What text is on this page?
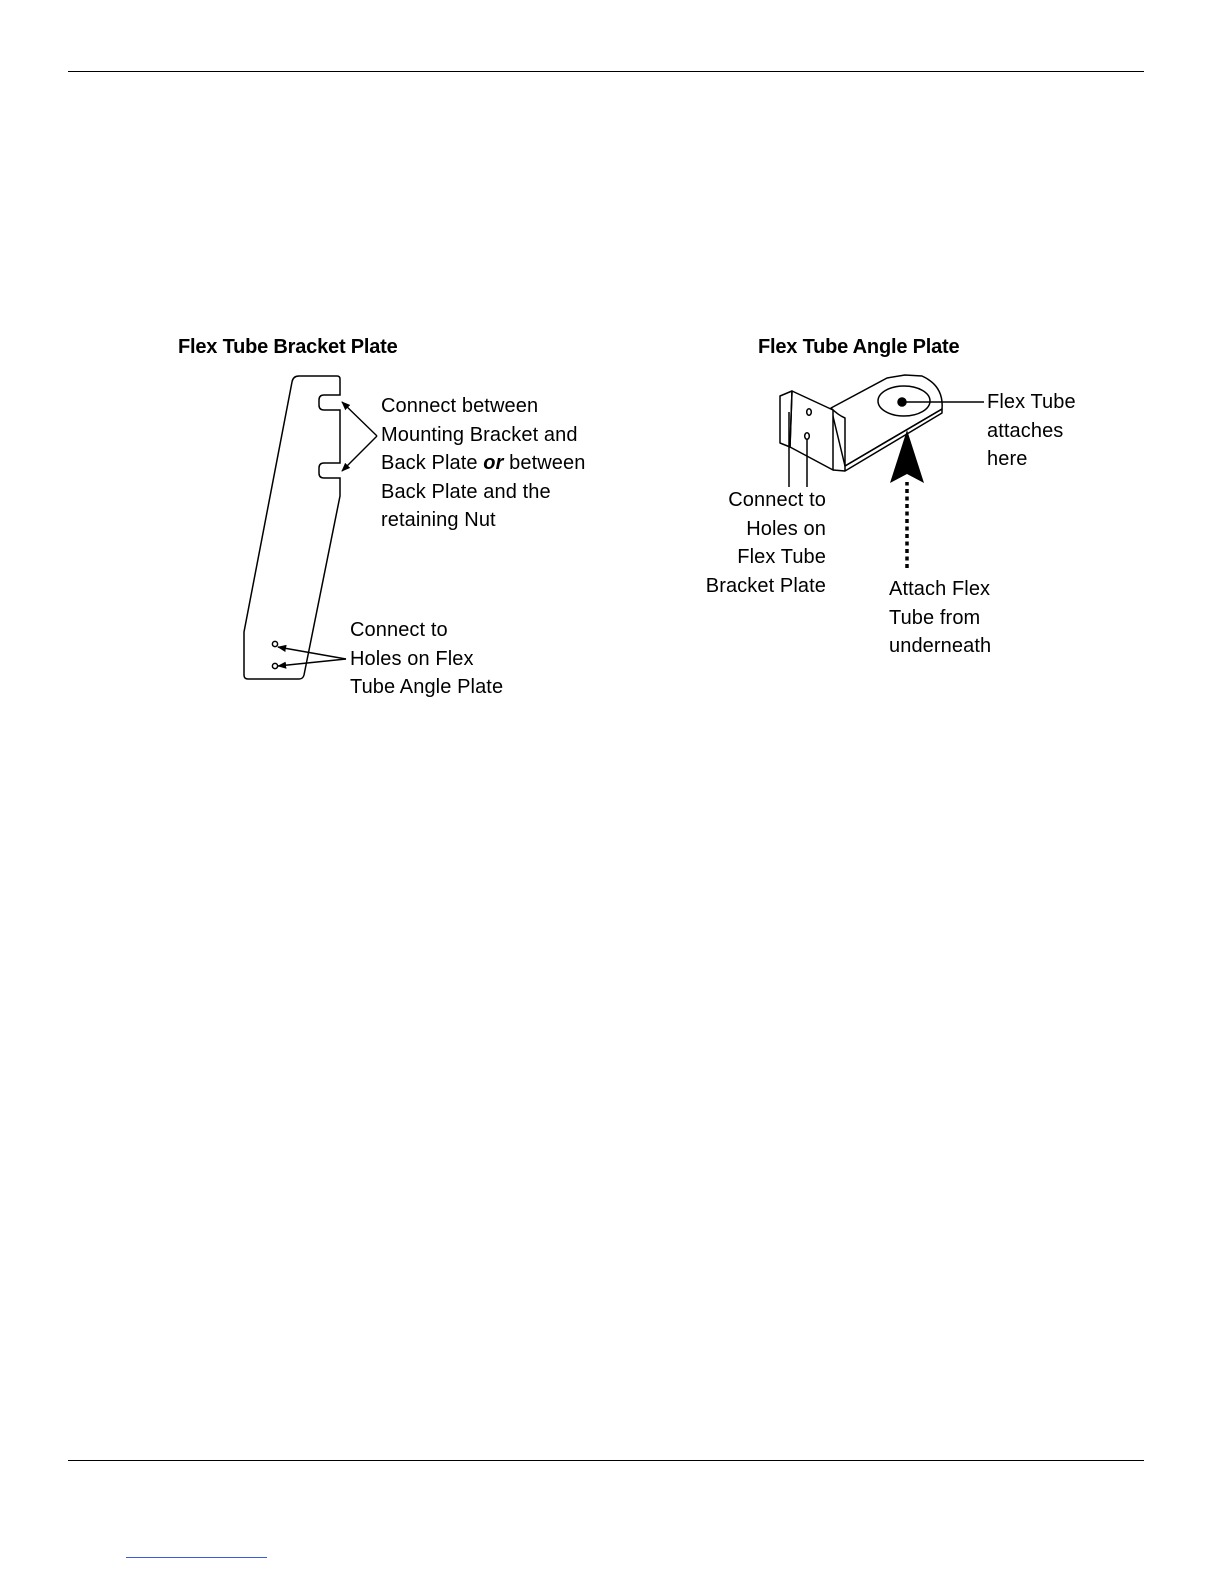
Flex Tube Bracket Plate	Flex Tube Angle Plate
Connect between
Mounting Bracket and
Back Plate or between
Back Plate and the
retaining Nut
Connect to
Holes on Flex
Tube Angle Plate
Flex Tube
attaches
here
Connect to
Holes on
Flex Tube
Bracket Plate	Attach Flex
Tube from
underneath
